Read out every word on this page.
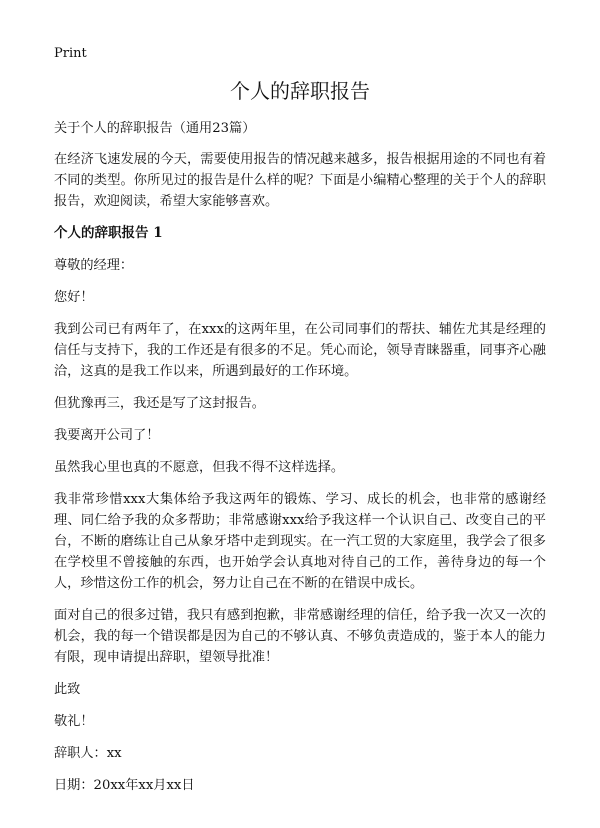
Print
个人的辞职报告

关于个人的辞职报告（通用23篇）

在经济飞速发展的今天，需要使用报告的情况越来越多，报告根据用途的不同也有着不同的类型。你所见过的报告是什么样的呢？下面是小编精心整理的关于个人的辞职报告，欢迎阅读，希望大家能够喜欢。

个人的辞职报告 1

尊敬的经理：

您好！

我到公司已有两年了，在xxx的这两年里，在公司同事们的帮扶、辅佐尤其是经理的信任与支持下，我的工作还是有很多的不足。凭心而论，领导青睐器重，同事齐心融洽，这真的是我工作以来，所遇到最好的工作环境。

但犹豫再三，我还是写了这封报告。

我要离开公司了！

虽然我心里也真的不愿意，但我不得不这样选择。

我非常珍惜xxx大集体给予我这两年的锻炼、学习、成长的机会，也非常的感谢经理、同仁给予我的众多帮助；非常感谢xxx给予我这样一个认识自己、改变自己的平台，不断的磨练让自己从象牙塔中走到现实。在一汽工贸的大家庭里，我学会了很多在学校里不曾接触的东西，也开始学会认真地对待自己的工作，善待身边的每一个人，珍惜这份工作的机会，努力让自己在不断的在错误中成长。

面对自己的很多过错，我只有感到抱歉，非常感谢经理的信任，给予我一次又一次的机会，我的每一个错误都是因为自己的不够认真、不够负责造成的，鉴于本人的能力有限，现申请提出辞职，望领导批准！

此致

敬礼！

辞职人：xx

日期：20xx年xx月xx日
